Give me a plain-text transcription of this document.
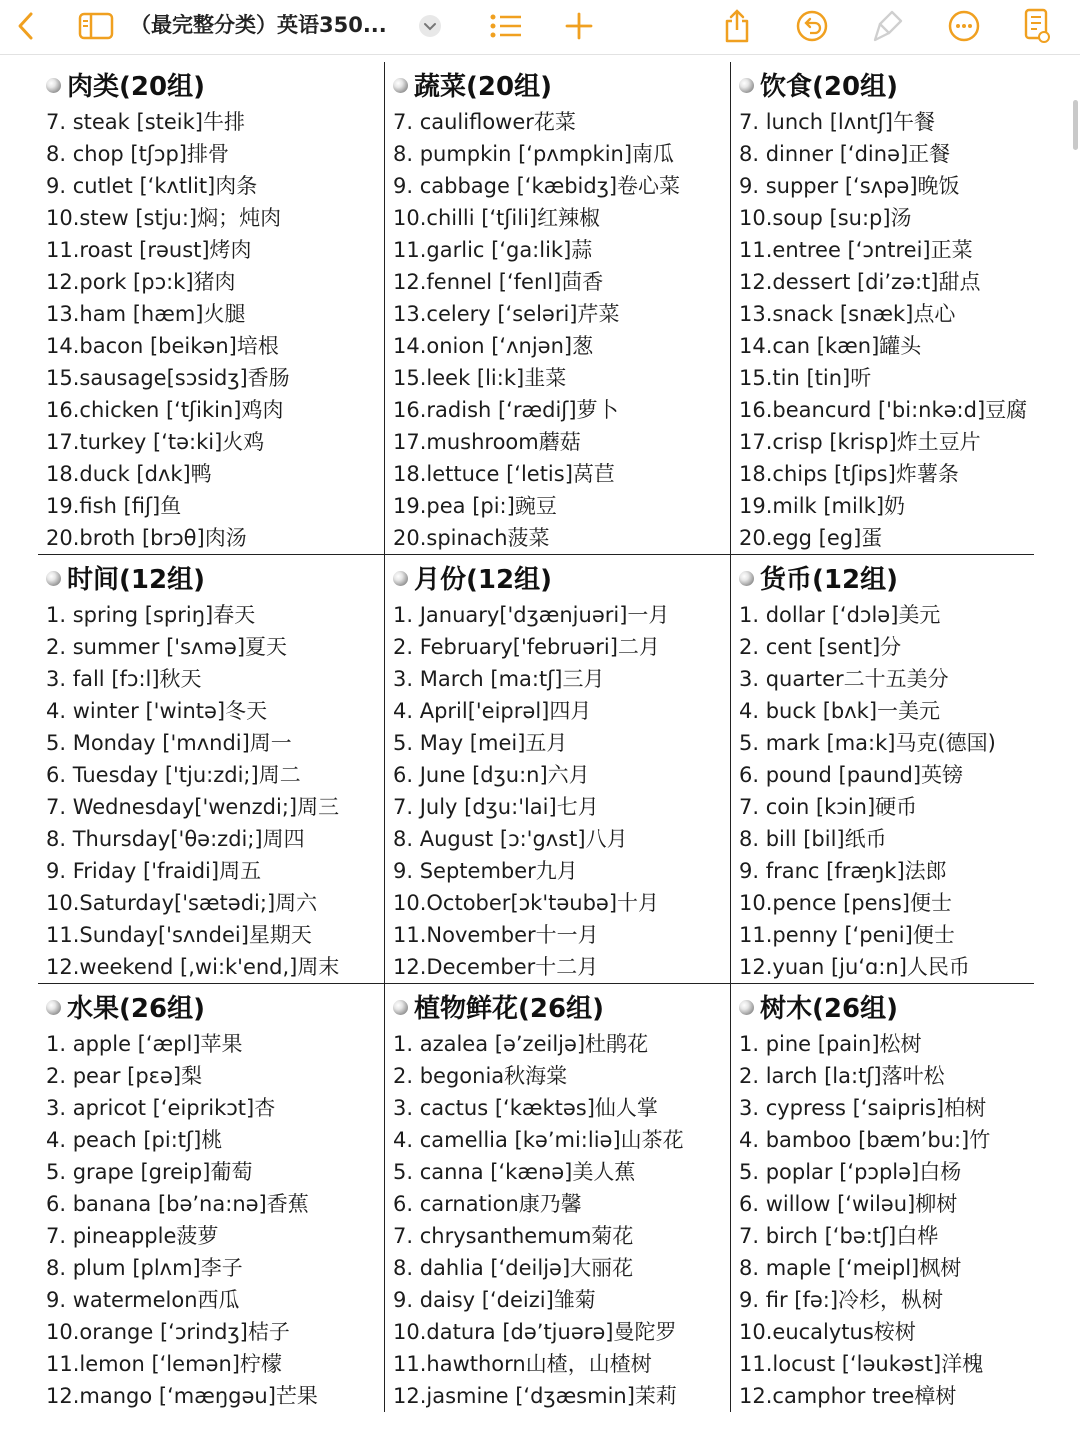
（最完整分类）英语350...
肉类(20组)
7. steak [steik]牛排
8. chop [tʃɔp]排骨
9. cutlet [ʻkʌtlit]肉条
10.stew [stju:]焖；炖肉
11.roast [rəust]烤肉
12.pork [pɔ:k]猪肉
13.ham [hæm]火腿
14.bacon [beikən]培根
15.sausage[sɔsidʒ]香肠
16.chicken [ʻtʃikin]鸡肉
17.turkey [ʻtə:ki]火鸡
18.duck [dʌk]鸭
19.fish [fiʃ]鱼
20.broth [brɔθ]肉汤
蔬菜(20组)
7. cauliflower花菜
8. pumpkin [ʻpʌmpkin]南瓜
9. cabbage [ʻkæbidʒ]卷心菜
10.chilli [ʻtʃili]红辣椒
11.garlic [ʻga:lik]蒜
12.fennel [ʻfenl]茴香
13.celery [ʻseləri]芹菜
14.onion [ʻʌnjən]葱
15.leek [li:k]韭菜
16.radish [ʻrædiʃ]萝卜
17.mushroom蘑菇
18.lettuce [ʻletis]莴苣
19.pea [pi:]豌豆
20.spinach菠菜
饮食(20组)
7. lunch [lʌntʃ]午餐
8. dinner [ʻdinə]正餐
9. supper [ʻsʌpə]晚饭
10.soup [su:p]汤
11.entree [ʻɔntrei]正菜
12.dessert [diʼzə:t]甜点
13.snack [snæk]点心
14.can [kæn]罐头
15.tin [tin]听
16.beancurd ['bi:nkə:d]豆腐
17.crisp [krisp]炸土豆片
18.chips [tʃips]炸薯条
19.milk [milk]奶
20.egg [eg]蛋
时间(12组)
1. spring [spriŋ]春天
2. summer ['sʌmə]夏天
3. fall [fɔ:l]秋天
4. winter ['wintə]冬天
5. Monday ['mʌndi]周一
6. Tuesday ['tju:zdi;]周二
7. Wednesday['wenzdi;]周三
8. Thursday['θə:zdi;]周四
9. Friday ['fraidi]周五
10.Saturday['sætədi;]周六
11.Sunday['sʌndei]星期天
12.weekend [,wi:k'end,]周末
月份(12组)
1. January['dʒænjuəri]一月
2. February['februəri]二月
3. March [ma:tʃ]三月
4. April['eiprəl]四月
5. May [mei]五月
6. June [dʒu:n]六月
7. July [dʒu:'lai]七月
8. August [ɔ:'gʌst]八月
9. September九月
10.October[ɔk'təubə]十月
11.November十一月
12.December十二月
货币(12组)
1. dollar [ʻdɔlə]美元
2. cent [sent]分
3. quarter二十五美分
4. buck [bʌk]一美元
5. mark [ma:k]马克(德国)
6. pound [paund]英镑
7. coin [kɔin]硬币
8. bill [bil]纸币
9. franc [fræŋk]法郎
10.pence [pens]便士
11.penny [ʻpeni]便士
12.yuan [juʻɑ:n]人民币
水果(26组)
1. apple [ʻæpl]苹果
2. pear [pɛə]梨
3. apricot [ʻeiprikɔt]杏
4. peach [pi:tʃ]桃
5. grape [greip]葡萄
6. banana [bəʼna:nə]香蕉
7. pineapple菠萝
8. plum [plʌm]李子
9. watermelon西瓜
10.orange [ʻɔrindʒ]桔子
11.lemon [ʻlemən]柠檬
12.mango [ʻmæŋgəu]芒果
植物鲜花(26组)
1. azalea [əʼzeiljə]杜鹃花
2. begonia秋海棠
3. cactus [ʻkæktəs]仙人掌
4. camellia [kəʼmi:liə]山茶花
5. canna [ʻkænə]美人蕉
6. carnation康乃馨
7. chrysanthemum菊花
8. dahlia [ʻdeiljə]大丽花
9. daisy [ʻdeizi]雏菊
10.datura [dəʼtjuərə]曼陀罗
11.hawthorn山楂，山楂树
12.jasmine [ʻdʒæsmin]茉莉
树木(26组)
1. pine [pain]松树
2. larch [la:tʃ]落叶松
3. cypress [ʻsaipris]柏树
4. bamboo [bæmʼbu:]竹
5. poplar [ʻpɔplə]白杨
6. willow [ʻwiləu]柳树
7. birch [ʻbə:tʃ]白桦
8. maple [ʻmeipl]枫树
9. fir [fə:]冷杉，枞树
10.eucalytus桉树
11.locust [ʻləukəst]洋槐
12.camphor tree樟树
